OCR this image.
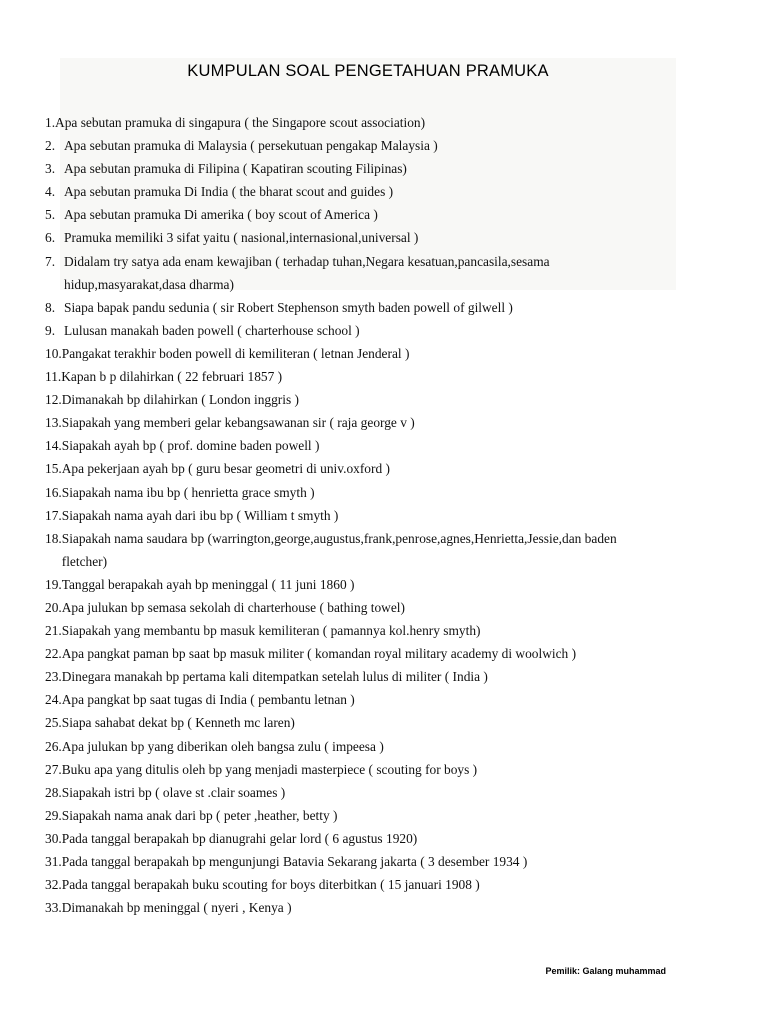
KUMPULAN SOAL PENGETAHUAN PRAMUKA
1. Apa sebutan pramuka di singapura ( the Singapore scout association)
2. Apa sebutan pramuka di Malaysia ( persekutuan pengakap Malaysia )
3. Apa sebutan pramuka di Filipina ( Kapatiran scouting Filipinas)
4. Apa sebutan pramuka Di India ( the bharat scout and guides )
5. Apa sebutan pramuka Di amerika ( boy scout of America )
6. Pramuka memiliki 3 sifat yaitu ( nasional,internasional,universal )
7. Didalam try satya ada enam kewajiban ( terhadap tuhan,Negara kesatuan,pancasila,sesama hidup,masyarakat,dasa dharma)
8. Siapa bapak pandu sedunia ( sir Robert Stephenson smyth baden powell of gilwell )
9. Lulusan manakah baden powell ( charterhouse school )
10. Pangakat terakhir boden powell di kemiliteran ( letnan Jenderal )
11. Kapan b p dilahirkan ( 22 februari 1857 )
12. Dimanakah bp dilahirkan ( London inggris )
13. Siapakah yang memberi gelar kebangsawanan sir ( raja george v )
14. Siapakah ayah bp ( prof. domine baden powell )
15. Apa pekerjaan ayah bp ( guru besar geometri di univ.oxford )
16. Siapakah nama ibu bp ( henrietta grace smyth )
17. Siapakah nama ayah dari ibu bp ( William t smyth )
18. Siapakah nama saudara bp (warrington,george,augustus,frank,penrose,agnes,Henrietta,Jessie,dan baden fletcher)
19. Tanggal berapakah ayah bp meninggal ( 11 juni 1860 )
20. Apa julukan bp semasa sekolah di charterhouse ( bathing towel)
21. Siapakah yang membantu bp masuk kemiliteran ( pamannya kol.henry smyth)
22. Apa pangkat paman bp saat bp masuk militer ( komandan royal military academy di woolwich )
23. Dinegara manakah bp pertama kali ditempatkan setelah lulus di militer ( India )
24. Apa pangkat bp saat tugas di India ( pembantu letnan )
25. Siapa sahabat dekat bp ( Kenneth mc laren)
26. Apa julukan bp yang diberikan oleh bangsa zulu ( impeesa )
27. Buku apa yang ditulis oleh bp yang menjadi masterpiece ( scouting for boys )
28. Siapakah istri bp ( olave st .clair soames )
29. Siapakah nama anak dari bp ( peter ,heather, betty )
30. Pada tanggal berapakah bp dianugrahi gelar lord ( 6 agustus 1920)
31. Pada tanggal berapakah bp mengunjungi Batavia Sekarang jakarta ( 3 desember 1934 )
32. Pada tanggal berapakah buku scouting for boys diterbitkan ( 15 januari 1908 )
33. Dimanakah bp meninggal ( nyeri , Kenya )
Pemilik: Galang muhammad
